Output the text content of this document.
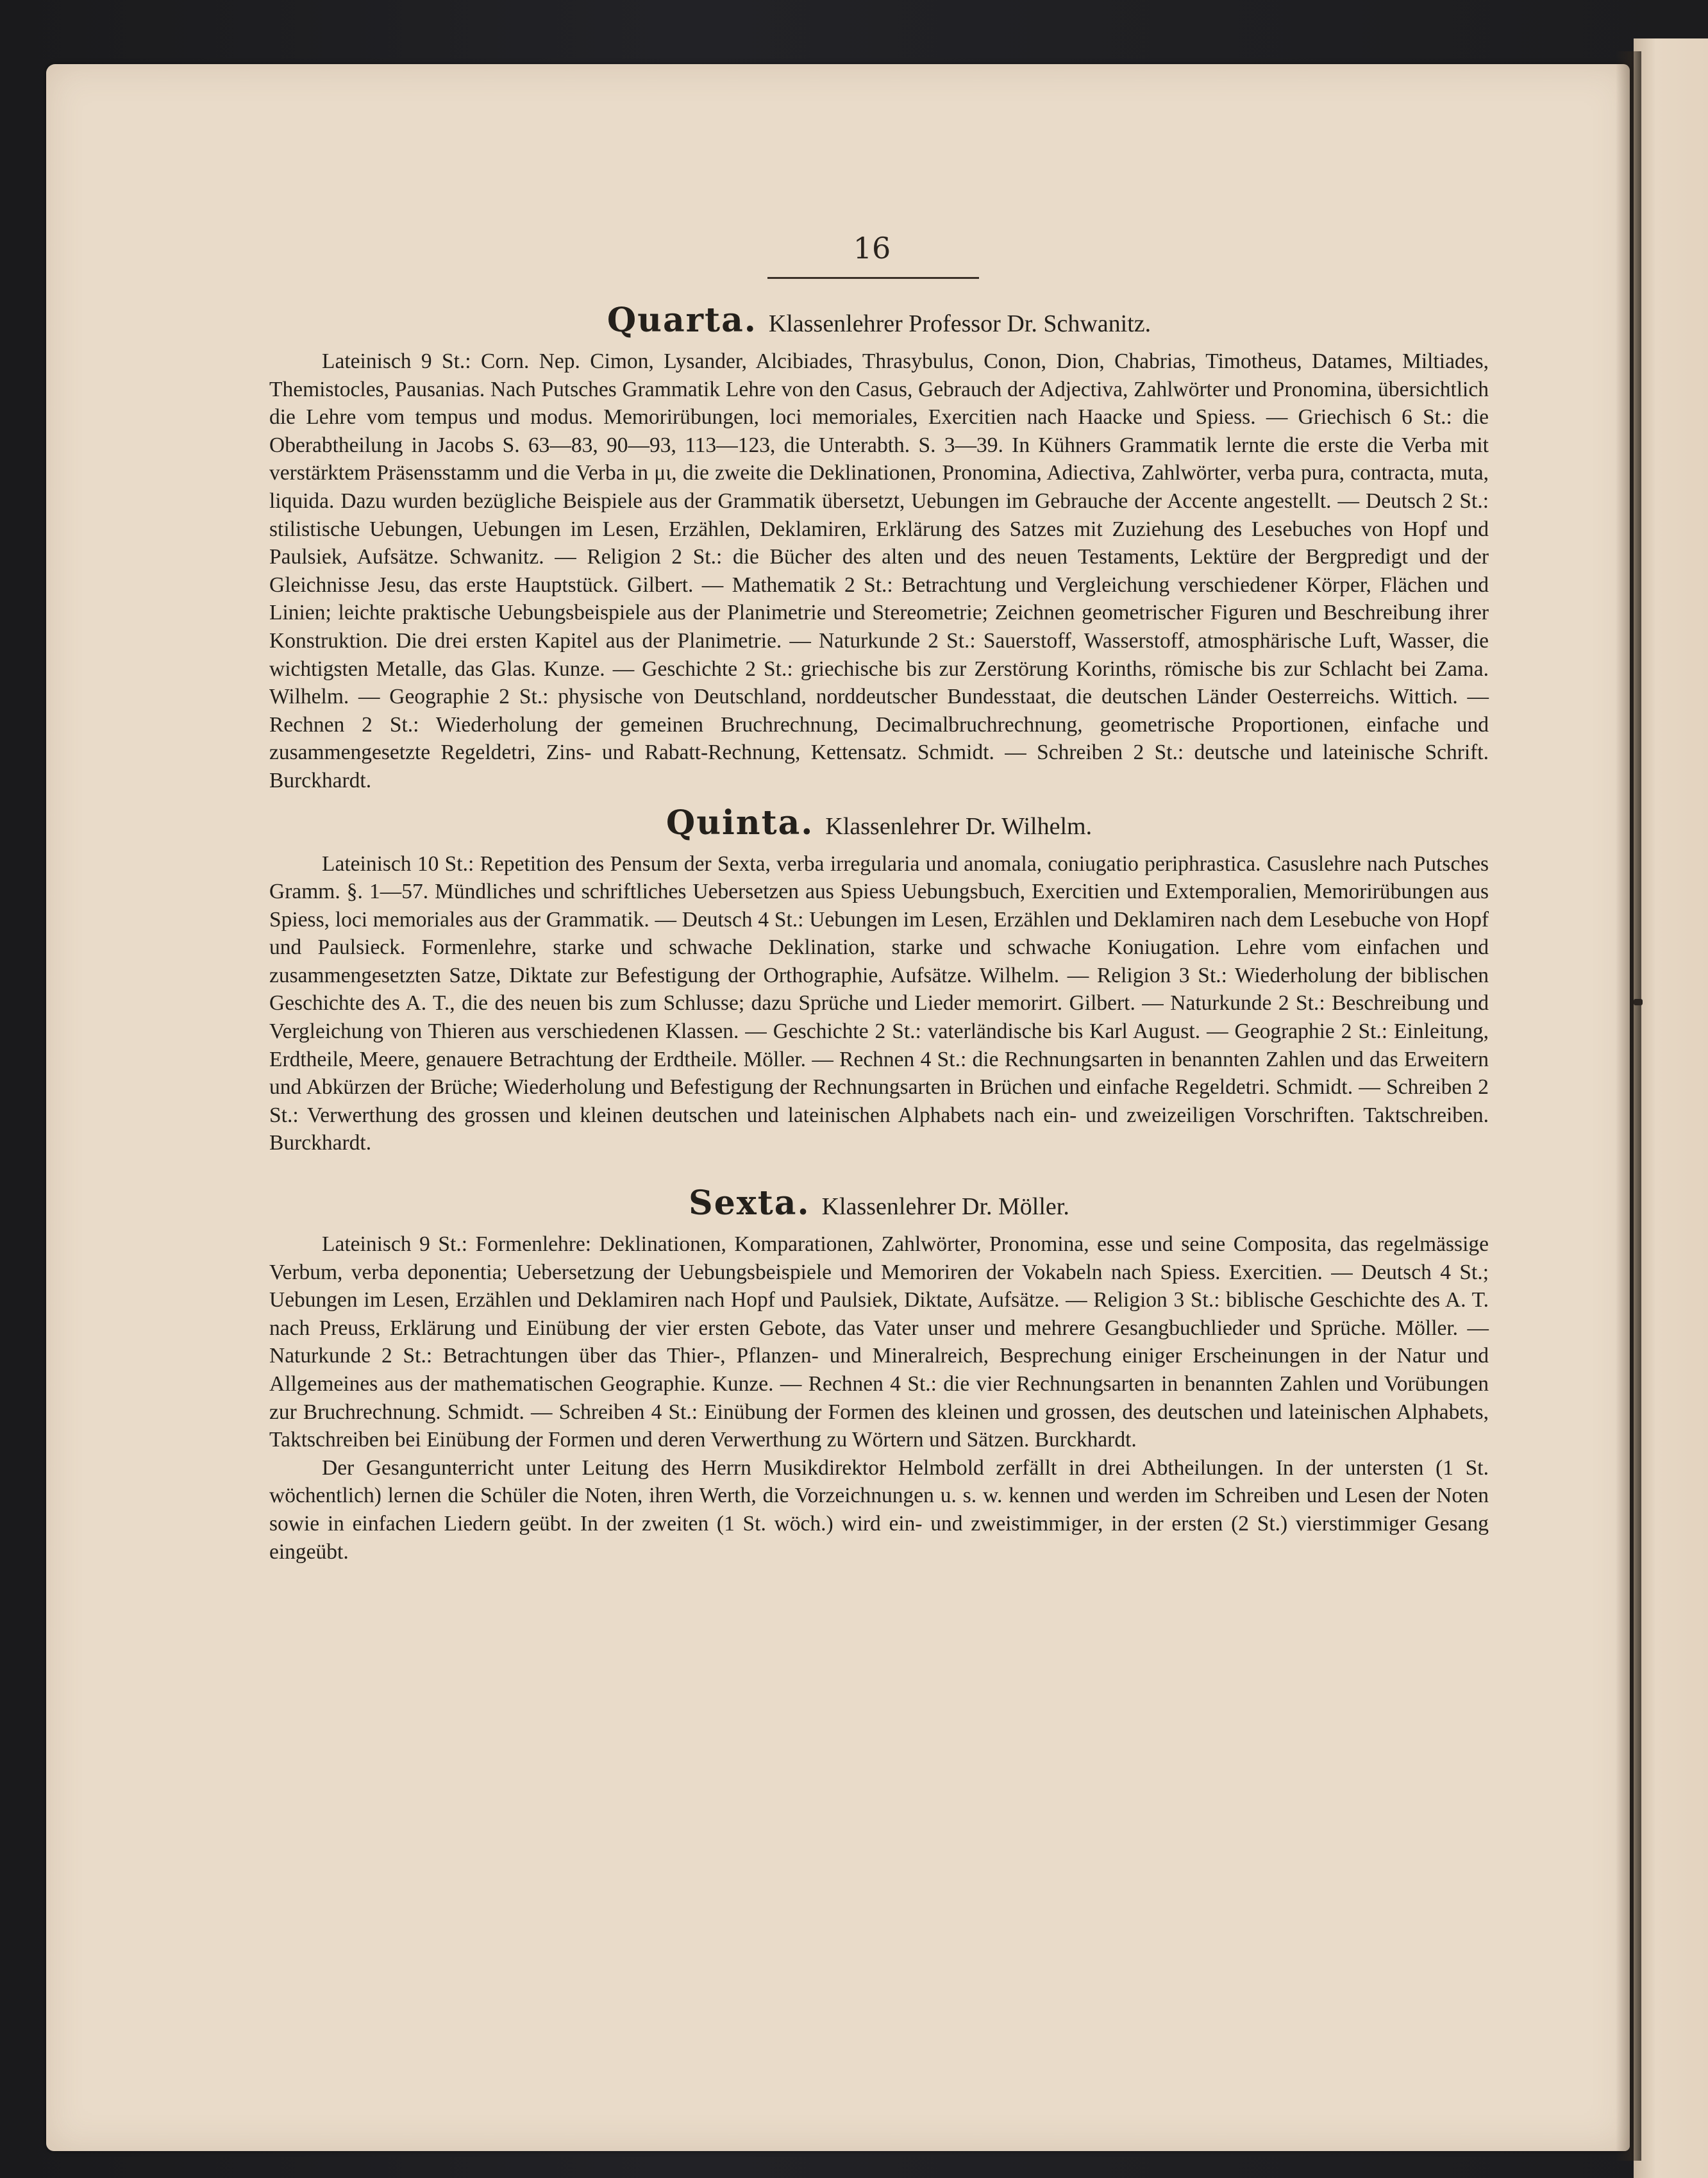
16

Quarta. Klassenlehrer Professor Dr. Schwanitz.

Lateinisch 9 St.: Corn. Nep. Cimon, Lysander, Alcibiades, Thrasybulus, Conon, Dion, Chabrias, Timotheus, Datames, Miltiades, Themistocles, Pausanias. Nach Putsches Grammatik Lehre von den Casus, Gebrauch der Adjectiva, Zahlwörter und Pronomina, übersichtlich die Lehre vom tempus und modus. Memorirübungen, loci memoriales, Exercitien nach Haacke und Spiess. — Griechisch 6 St.: die Oberabtheilung in Jacobs S. 63—83, 90—93, 113—123, die Unterabth. S. 3—39. In Kühners Grammatik lernte die erste die Verba mit verstärktem Präsensstamm und die Verba in μι, die zweite die Deklinationen, Pronomina, Adiectiva, Zahlwörter, verba pura, contracta, muta, liquida. Dazu wurden bezügliche Beispiele aus der Grammatik übersetzt, Uebungen im Gebrauche der Accente angestellt. — Deutsch 2 St.: stilistische Uebungen, Uebungen im Lesen, Erzählen, Deklamiren, Erklärung des Satzes mit Zuziehung des Lesebuches von Hopf und Paulsiek, Aufsätze. Schwanitz. — Religion 2 St.: die Bücher des alten und des neuen Testaments, Lektüre der Bergpredigt und der Gleichnisse Jesu, das erste Hauptstück. Gilbert. — Mathematik 2 St.: Betrachtung und Vergleichung verschiedener Körper, Flächen und Linien; leichte praktische Uebungsbeispiele aus der Planimetrie und Stereometrie; Zeichnen geometrischer Figuren und Beschreibung ihrer Konstruktion. Die drei ersten Kapitel aus der Planimetrie. — Naturkunde 2 St.: Sauerstoff, Wasserstoff, atmosphärische Luft, Wasser, die wichtigsten Metalle, das Glas. Kunze. — Geschichte 2 St.: griechische bis zur Zerstörung Korinths, römische bis zur Schlacht bei Zama. Wilhelm. — Geographie 2 St.: physische von Deutschland, norddeutscher Bundesstaat, die deutschen Länder Oesterreichs. Wittich. — Rechnen 2 St.: Wiederholung der gemeinen Bruchrechnung, Decimalbruchrechnung, geometrische Proportionen, einfache und zusammengesetzte Regeldetri, Zins- und Rabatt-Rechnung, Kettensatz. Schmidt. — Schreiben 2 St.: deutsche und lateinische Schrift. Burckhardt.

Quinta. Klassenlehrer Dr. Wilhelm.

Lateinisch 10 St.: Repetition des Pensum der Sexta, verba irregularia und anomala, coniugatio periphrastica. Casuslehre nach Putsches Gramm. §. 1—57. Mündliches und schriftliches Uebersetzen aus Spiess Uebungsbuch, Exercitien und Extemporalien, Memorirübungen aus Spiess, loci memoriales aus der Grammatik. — Deutsch 4 St.: Uebungen im Lesen, Erzählen und Deklamiren nach dem Lesebuche von Hopf und Paulsieck. Formenlehre, starke und schwache Deklination, starke und schwache Koniugation. Lehre vom einfachen und zusammengesetzten Satze, Diktate zur Befestigung der Orthographie, Aufsätze. Wilhelm. — Religion 3 St.: Wiederholung der biblischen Geschichte des A. T., die des neuen bis zum Schlusse; dazu Sprüche und Lieder memorirt. Gilbert. — Naturkunde 2 St.: Beschreibung und Vergleichung von Thieren aus verschiedenen Klassen. — Geschichte 2 St.: vaterländische bis Karl August. — Geographie 2 St.: Einleitung, Erdtheile, Meere, genauere Betrachtung der Erdtheile. Möller. — Rechnen 4 St.: die Rechnungsarten in benannten Zahlen und das Erweitern und Abkürzen der Brüche; Wiederholung und Befestigung der Rechnungsarten in Brüchen und einfache Regeldetri. Schmidt. — Schreiben 2 St.: Verwerthung des grossen und kleinen deutschen und lateinischen Alphabets nach ein- und zweizeiligen Vorschriften. Taktschreiben. Burckhardt.

Sexta. Klassenlehrer Dr. Möller.

Lateinisch 9 St.: Formenlehre: Deklinationen, Komparationen, Zahlwörter, Pronomina, esse und seine Composita, das regelmässige Verbum, verba deponentia; Uebersetzung der Uebungsbeispiele und Memoriren der Vokabeln nach Spiess. Exercitien. — Deutsch 4 St.; Uebungen im Lesen, Erzählen und Deklamiren nach Hopf und Paulsiek, Diktate, Aufsätze. — Religion 3 St.: biblische Geschichte des A. T. nach Preuss, Erklärung und Einübung der vier ersten Gebote, das Vater unser und mehrere Gesangbuchlieder und Sprüche. Möller. — Naturkunde 2 St.: Betrachtungen über das Thier-, Pflanzen- und Mineralreich, Besprechung einiger Erscheinungen in der Natur und Allgemeines aus der mathematischen Geographie. Kunze. — Rechnen 4 St.: die vier Rechnungsarten in benannten Zahlen und Vorübungen zur Bruchrechnung. Schmidt. — Schreiben 4 St.: Einübung der Formen des kleinen und grossen, des deutschen und lateinischen Alphabets, Taktschreiben bei Einübung der Formen und deren Verwerthung zu Wörtern und Sätzen. Burckhardt.

Der Gesangunterricht unter Leitung des Herrn Musikdirektor Helmbold zerfällt in drei Abtheilungen. In der untersten (1 St. wöchentlich) lernen die Schüler die Noten, ihren Werth, die Vorzeichnungen u. s. w. kennen und werden im Schreiben und Lesen der Noten sowie in einfachen Liedern geübt. In der zweiten (1 St. wöch.) wird ein- und zweistimmiger, in der ersten (2 St.) vierstimmiger Gesang eingeübt.
